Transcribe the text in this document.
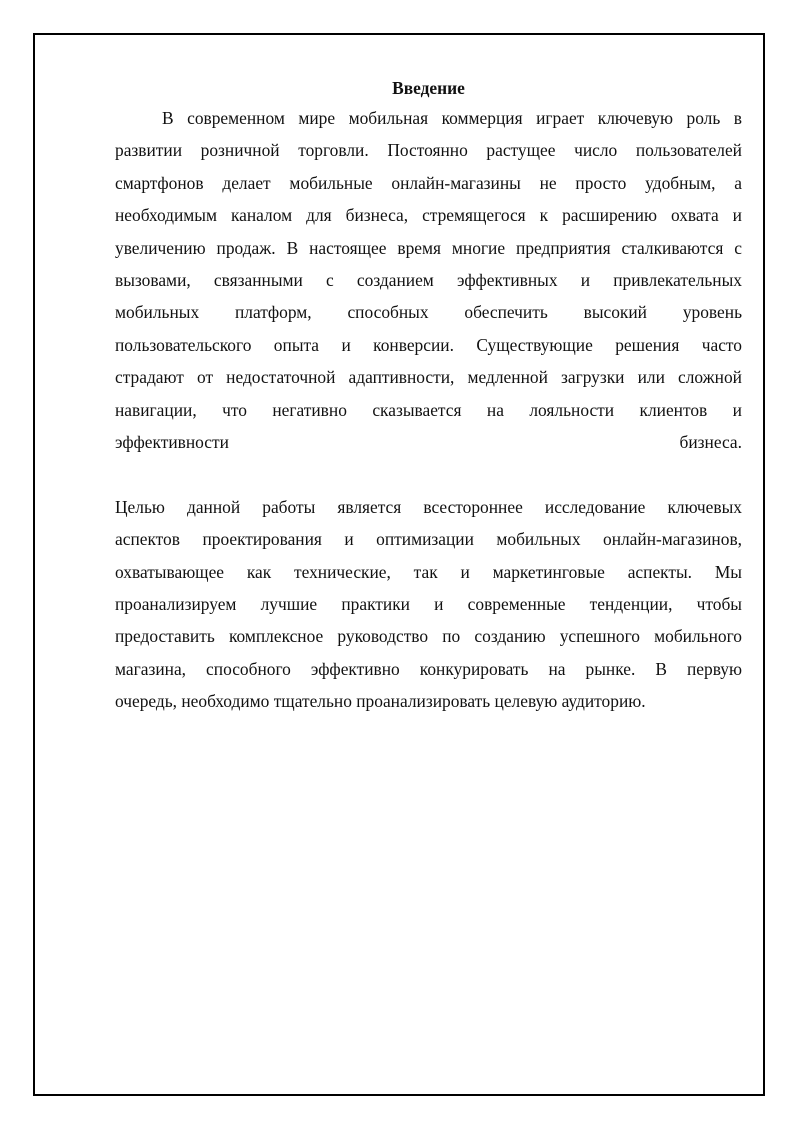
Введение
В современном мире мобильная коммерция играет ключевую роль в
развитии розничной торговли. Постоянно растущее число пользователей
смартфонов делает мобильные онлайн-магазины не просто удобным, а
необходимым каналом для бизнеса, стремящегося к расширению охвата и
увеличению продаж. В настоящее время многие предприятия сталкиваются с
вызовами, связанными с созданием эффективных и привлекательных
мобильных платформ, способных обеспечить высокий уровень
пользовательского опыта и конверсии. Существующие решения часто
страдают от недостаточной адаптивности, медленной загрузки или сложной
навигации, что негативно сказывается на лояльности клиентов и
эффективности бизнеса.
Целью данной работы является всестороннее исследование ключевых
аспектов проектирования и оптимизации мобильных онлайн-магазинов,
охватывающее как технические, так и маркетинговые аспекты. Мы
проанализируем лучшие практики и современные тенденции, чтобы
предоставить комплексное руководство по созданию успешного мобильного
магазина, способного эффективно конкурировать на рынке. В первую
очередь, необходимо тщательно проанализировать целевую аудиторию.
